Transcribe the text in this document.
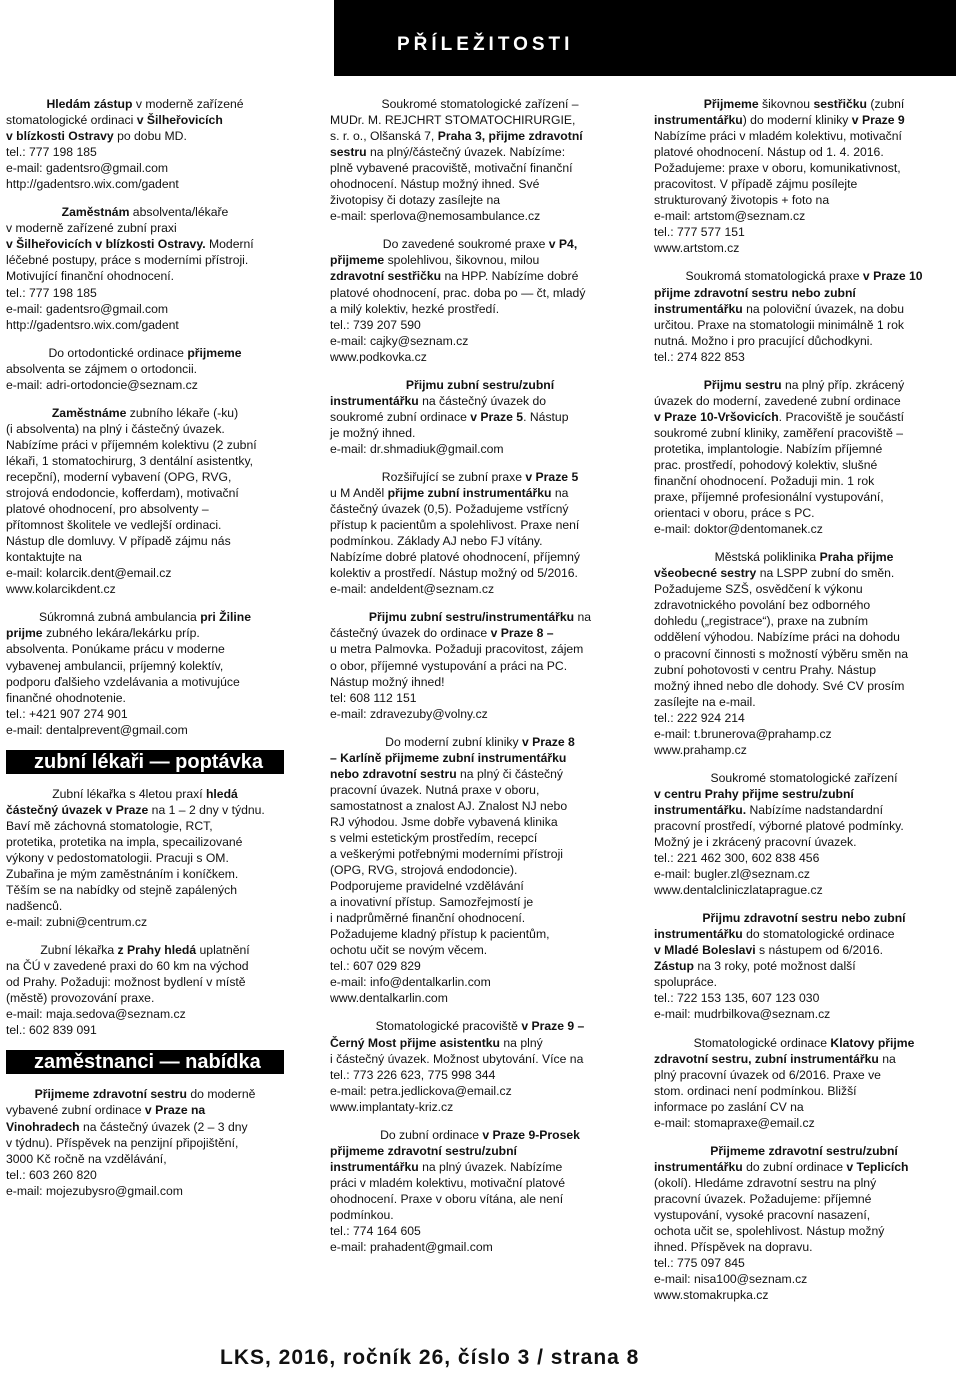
PŘÍLEŽITOSTI

Hledám zástup v moderně zařízené
stomatologické ordinaci v Šilheřovicích
v blízkosti Ostravy po dobu MD.
tel.: 777 198 185
e-mail: gadentsro@gmail.com
http://gadentsro.wix.com/gadent

Zaměstnám absolventa/lékaře
v moderně zařízené zubní praxi
v Šilheřovicích v blízkosti Ostravy. Moderní
léčebné postupy, práce s moderními přístroji.
Motivující finanční ohodnocení.
tel.: 777 198 185
e-mail: gadentsro@gmail.com
http://gadentsro.wix.com/gadent

Do ortodontické ordinace přijmeme
absolventa se zájmem o ortodoncii.
e-mail: adri-ortodoncie@seznam.cz

Zaměstnáme zubního lékaře (-ku)
(i absolventa) na plný i částečný úvazek.
Nabízíme práci v příjemném kolektivu (2 zubní
lékaři, 1 stomatochirurg, 3 dentální asistentky,
recepční), moderní vybavení (OPG, RVG,
strojová endodoncie, kofferdam), motivační
platové ohodnocení, pro absolventy –
přítomnost školitele ve vedlejší ordinaci.
Nástup dle domluvy. V případě zájmu nás
kontaktujte na
e-mail: kolarcik.dent@email.cz
www.kolarcikdent.cz

Súkromná zubná ambulancia pri Žiline
prijme zubného lekára/lekárku príp.
absolventa. Ponúkame prácu v moderne
vybavenej ambulancii, príjemný kolektív,
podporu ďalšieho vzdelávania a motivujúce
finančné ohodnotenie.
tel.: +421 907 274 901
e-mail: dentalprevent@gmail.com

zubní lékaři — poptávka

Zubní lékařka s 4letou praxí hledá
částečný úvazek v Praze na 1 – 2 dny v týdnu.
Baví mě záchovná stomatologie, RCT,
protetika, protetika na impla, specailizované
výkony v pedostomatologii. Pracuji s OM.
Zubařina je mým zaměstnáním i koníčkem.
Těším se na nabídky od stejně zapálených
nadšenců.
e-mail: zubni@centrum.cz

Zubní lékařka z Prahy hledá uplatnění
na ČÚ v zavedené praxi do 60 km na východ
od Prahy. Požaduji: možnost bydlení v místě
(městě) provozování praxe.
e-mail: maja.sedova@seznam.cz
tel.: 602 839 091

zaměstnanci — nabídka

Přijmeme zdravotní sestru do moderně
vybavené zubní ordinace v Praze na
Vinohradech na částečný úvazek (2 – 3 dny
v týdnu). Příspěvek na penzijní připojištění,
3000 Kč ročně na vzdělávání,
tel.: 603 260 820
e-mail: mojezubysro@gmail.com

Soukromé stomatologické zařízení –
MUDr. M. REJCHRT STOMATOCHIRURGIE,
s. r. o., Olšanská 7, Praha 3, přijme zdravotní
sestru na plný/částečný úvazek. Nabízíme:
plně vybavené pracoviště, motivační finanční
ohodnocení. Nástup možný ihned. Své
životopisy či dotazy zasílejte na
e-mail: sperlova@nemosambulance.cz

Do zavedené soukromé praxe v P4,
přijmeme spolehlivou, šikovnou, milou
zdravotní sestřičku na HPP. Nabízíme dobré
platové ohodnocení, prac. doba po — čt, mladý
a milý kolektiv, hezké prostředí.
tel.: 739 207 590
e-mail: cajky@seznam.cz
www.podkovka.cz

Přijmu zubní sestru/zubní
instrumentářku na částečný úvazek do
soukromé zubní ordinace v Praze 5. Nástup
je možný ihned.
e-mail: dr.shmadiuk@gmail.com

Rozšiřující se zubní praxe v Praze 5
u M Anděl přijme zubní instrumentářku na
částečný úvazek (0,5). Požadujeme vstřícný
přístup k pacientům a spolehlivost. Praxe není
podmínkou. Základy AJ nebo FJ vítány.
Nabízíme dobré platové ohodnocení, příjemný
kolektiv a prostředí. Nástup možný od 5/2016.
e-mail: andeldent@seznam.cz

Přijmu zubní sestru/instrumentářku na
částečný úvazek do ordinace v Praze 8 –
u metra Palmovka. Požaduji pracovitost, zájem
o obor, příjemné vystupování a práci na PC.
Nástup možný ihned!
tel: 608 112 151
e-mail: zdravezuby@volny.cz

Do moderní zubní kliniky v Praze 8
– Karlíně přijmeme zubní instrumentářku
nebo zdravotní sestru na plný či částečný
pracovní úvazek. Nutná praxe v oboru,
samostatnost a znalost AJ. Znalost NJ nebo
RJ výhodou. Jsme dobře vybavená klinika
s velmi estetickým prostředím, recepcí
a veškerými potřebnými moderními přístroji
(OPG, RVG, strojová endodoncie).
Podporujeme pravidelné vzdělávání
a inovativní přístup. Samozřejmostí je
i nadprůměrné finanční ohodnocení.
Požadujeme kladný přístup k pacientům,
ochotu učit se novým věcem.
tel.: 607 029 829
e-mail: info@dentalkarlin.com
www.dentalkarlin.com

Stomatologické pracoviště v Praze 9 –
Černý Most přijme asistentku na plný
i částečný úvazek. Možnost ubytování. Více na
tel.: 773 226 623, 775 998 344
e-mail: petra.jedlickova@email.cz
www.implantaty-kriz.cz

Do zubní ordinace v Praze 9-Prosek
přijmeme zdravotní sestru/zubní
instrumentářku na plný úvazek. Nabízíme
práci v mladém kolektivu, motivační platové
ohodnocení. Praxe v oboru vítána, ale není
podmínkou.
tel.: 774 164 605
e-mail: prahadent@gmail.com

Přijmeme šikovnou sestřičku (zubní
instrumentářku) do moderní kliniky v Praze 9
Nabízíme práci v mladém kolektivu, motivační
platové ohodnocení. Nástup od 1. 4. 2016.
Požadujeme: praxe v oboru, komunikativnost,
pracovitost. V případě zájmu posílejte
strukturovaný životopis + foto na
e-mail: artstom@seznam.cz
tel.: 777 577 151
www.artstom.cz

Soukromá stomatologická praxe v Praze 10
přijme zdravotní sestru nebo zubní
instrumentářku na poloviční úvazek, na dobu
určitou. Praxe na stomatologii minimálně 1 rok
nutná. Možno i pro pracující důchodkyni.
tel.: 274 822 853

Přijmu sestru na plný příp. zkrácený
úvazek do moderní, zavedené zubní ordinace
v Praze 10-Vršovicích. Pracoviště je součástí
soukromé zubní kliniky, zaměření pracoviště –
protetika, implantologie. Nabízím příjemné
prac. prostředí, pohodový kolektiv, slušné
finanční ohodnocení. Požaduji min. 1 rok
praxe, příjemné profesionální vystupování,
orientaci v oboru, práce s PC.
e-mail: doktor@dentomanek.cz

Městská poliklinika Praha přijme
všeobecné sestry na LSPP zubní do směn.
Požadujeme SZŠ, osvědčení k výkonu
zdravotnického povolání bez odborného
dohledu („registrace“), praxe na zubním
oddělení výhodou. Nabízíme práci na dohodu
o pracovní činnosti s možností výběru směn na
zubní pohotovosti v centru Prahy. Nástup
možný ihned nebo dle dohody. Své CV prosím
zasílejte na e-mail.
tel.: 222 924 214
e-mail: t.brunerova@prahamp.cz
www.prahamp.cz

Soukromé stomatologické zařízení
v centru Prahy přijme sestru/zubní
instrumentářku. Nabízíme nadstandardní
pracovní prostředí, výborné platové podmínky.
Možný je i zkrácený pracovní úvazek.
tel.: 221 462 300, 602 838 456
e-mail: bugler.zl@seznam.cz
www.dentalcliniczlataprague.cz

Přijmu zdravotní sestru nebo zubní
instrumentářku do stomatologické ordinace
v Mladé Boleslavi s nástupem od 6/2016.
Zástup na 3 roky, poté možnost další
spolupráce.
tel.: 722 153 135, 607 123 030
e-mail: mudrbilkova@seznam.cz

Stomatologické ordinace Klatovy přijme
zdravotní sestru, zubní instrumentářku na
plný pracovní úvazek od 6/2016. Praxe ve
stom. ordinaci není podmínkou. Bližší
informace po zaslání CV na
e-mail: stomapraxe@email.cz

Přijmeme zdravotní sestru/zubní
instrumentářku do zubní ordinace v Teplicích
(okolí). Hledáme zdravotní sestru na plný
pracovní úvazek. Požadujeme: příjemné
vystupování, vysoké pracovní nasazení,
ochota učit se, spolehlivost. Nástup možný
ihned. Příspěvek na dopravu.
tel.: 775 097 845
e-mail: nisa100@seznam.cz
www.stomakrupka.cz

LKS, 2016, ročník 26, číslo 3 / strana 8
